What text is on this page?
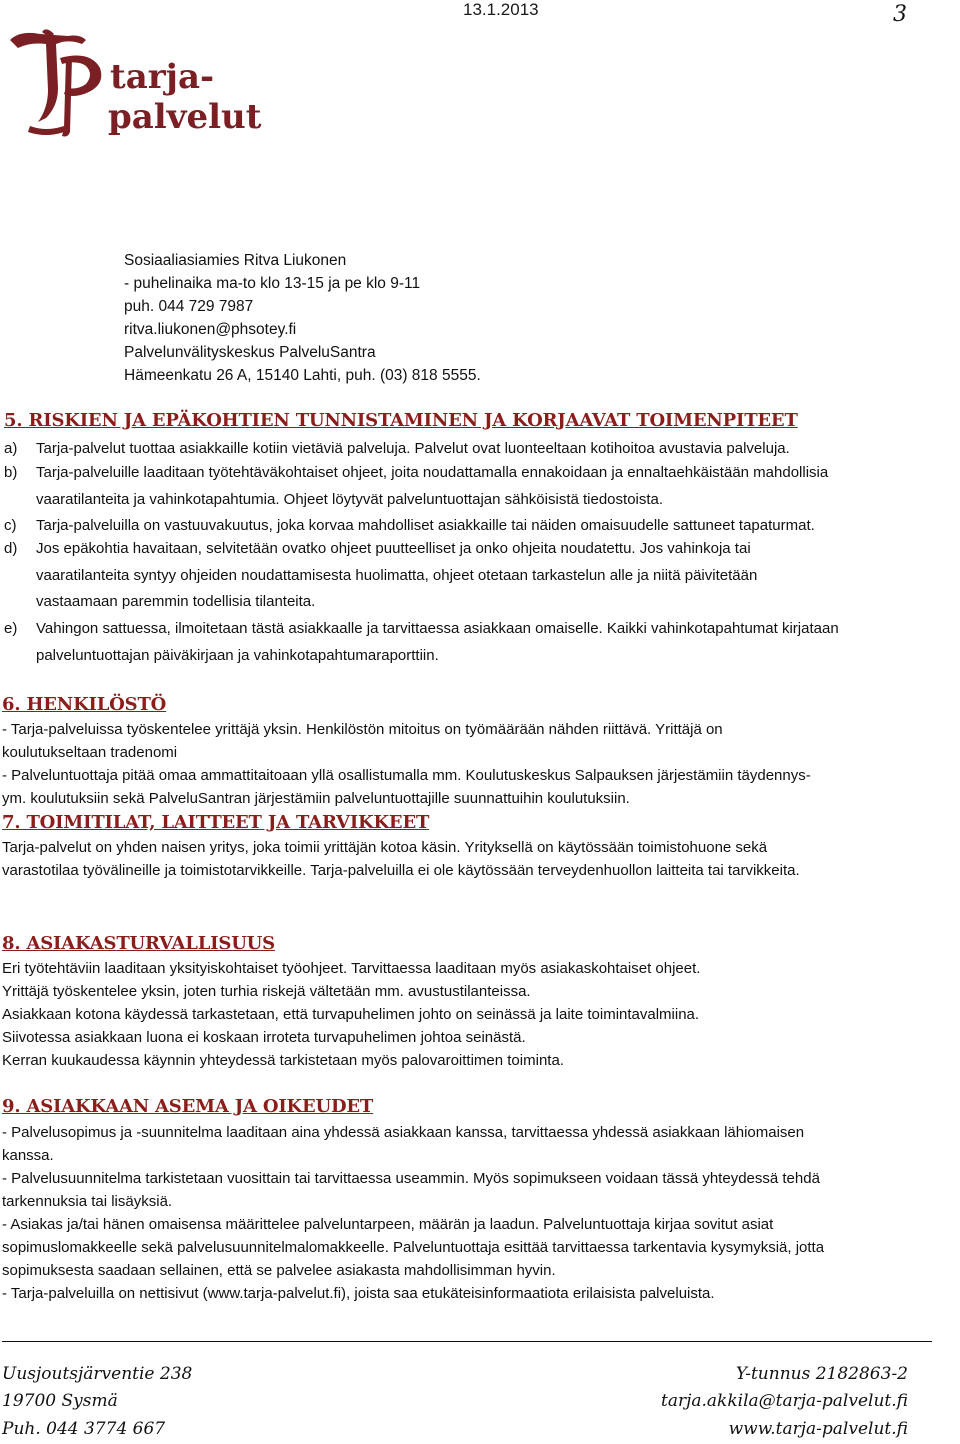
13.1.2013	3
tarja-
palvelut
Sosiaaliasiamies Ritva Liukonen
- puhelinaika ma-to klo 13-15 ja pe klo 9-11
puh. 044 729 7987
ritva.liukonen@phsotey.fi
Palvelunvälityskeskus PalveluSantra
Hämeenkatu 26 A, 15140 Lahti, puh. (03) 818 5555.
5. RISKIEN JA EPÄKOHTIEN TUNNISTAMINEN JA KORJAAVAT TOIMENPITEET
a) Tarja-palvelut tuottaa asiakkaille kotiin vietäviä palveluja. Palvelut ovat luonteeltaan kotihoitoa avustavia palveluja.
b) Tarja-palveluille laaditaan työtehtäväkohtaiset ohjeet, joita noudattamalla ennakoidaan ja ennaltaehkäistään mahdollisia
vaaratilanteita ja vahinkotapahtumia. Ohjeet löytyvät palveluntuottajan sähköisistä tiedostoista.
c) Tarja-palveluilla on vastuuvakuutus, joka korvaa mahdolliset asiakkaille tai näiden omaisuudelle sattuneet tapaturmat.
d) Jos epäkohtia havaitaan, selvitetään ovatko ohjeet puutteelliset ja onko ohjeita noudatettu. Jos vahinkoja tai
vaaratilanteita syntyy ohjeiden noudattamisesta huolimatta, ohjeet otetaan tarkastelun alle ja niitä päivitetään
vastaamaan paremmin todellisia tilanteita.
e) Vahingon sattuessa, ilmoitetaan tästä asiakkaalle ja tarvittaessa asiakkaan omaiselle. Kaikki vahinkotapahtumat kirjataan
palveluntuottajan päiväkirjaan ja vahinkotapahtumaraporttiin.
6. HENKILÖSTÖ
- Tarja-palveluissa työskentelee yrittäjä yksin. Henkilöstön mitoitus on työmäärään nähden riittävä. Yrittäjä on
koulutukseltaan tradenomi
- Palveluntuottaja pitää omaa ammattitaitoaan yllä osallistumalla mm. Koulutuskeskus Salpauksen järjestämiin täydennys-
ym. koulutuksiin sekä PalveluSantran järjestämiin palveluntuottajille suunnattuihin koulutuksiin.
7. TOIMITILAT, LAITTEET JA TARVIKKEET
Tarja-palvelut on yhden naisen yritys, joka toimii yrittäjän kotoa käsin. Yrityksellä on käytössään toimistohuone sekä
varastotilaa työvälineille ja toimistotarvikkeille. Tarja-palveluilla ei ole käytössään terveydenhuollon laitteita tai tarvikkeita.
8. ASIAKASTURVALLISUUS
Eri työtehtäviin laaditaan yksityiskohtaiset työohjeet. Tarvittaessa laaditaan myös asiakaskohtaiset ohjeet.
Yrittäjä työskentelee yksin, joten turhia riskejä vältetään mm. avustustilanteissa.
Asiakkaan kotona käydessä tarkastetaan, että turvapuhelimen johto on seinässä ja laite toimintavalmiina.
Siivotessa asiakkaan luona ei koskaan irroteta turvapuhelimen johtoa seinästä.
Kerran kuukaudessa käynnin yhteydessä tarkistetaan myös palovaroittimen toiminta.
9. ASIAKKAAN ASEMA JA OIKEUDET
- Palvelusopimus ja -suunnitelma laaditaan aina yhdessä asiakkaan kanssa, tarvittaessa yhdessä asiakkaan lähiomaisen
kanssa.
- Palvelusuunnitelma tarkistetaan vuosittain tai tarvittaessa useammin. Myös sopimukseen voidaan tässä yhteydessä tehdä
tarkennuksia tai lisäyksiä.
- Asiakas ja/tai hänen omaisensa määrittelee palveluntarpeen, määrän ja laadun. Palveluntuottaja kirjaa sovitut asiat
sopimuslomakkeelle sekä palvelusuunnitelmalomakkeelle. Palveluntuottaja esittää tarvittaessa tarkentavia kysymyksiä, jotta
sopimuksesta saadaan sellainen, että se palvelee asiakasta mahdollisimman hyvin.
- Tarja-palveluilla on nettisivut (www.tarja-palvelut.fi), joista saa etukäteisinformaatiota erilaisista palveluista.
Uusjoutsjärventie 238
19700 Sysmä
Puh. 044 3774 667
Y-tunnus 2182863-2
tarja.akkila@tarja-palvelut.fi
www.tarja-palvelut.fi
